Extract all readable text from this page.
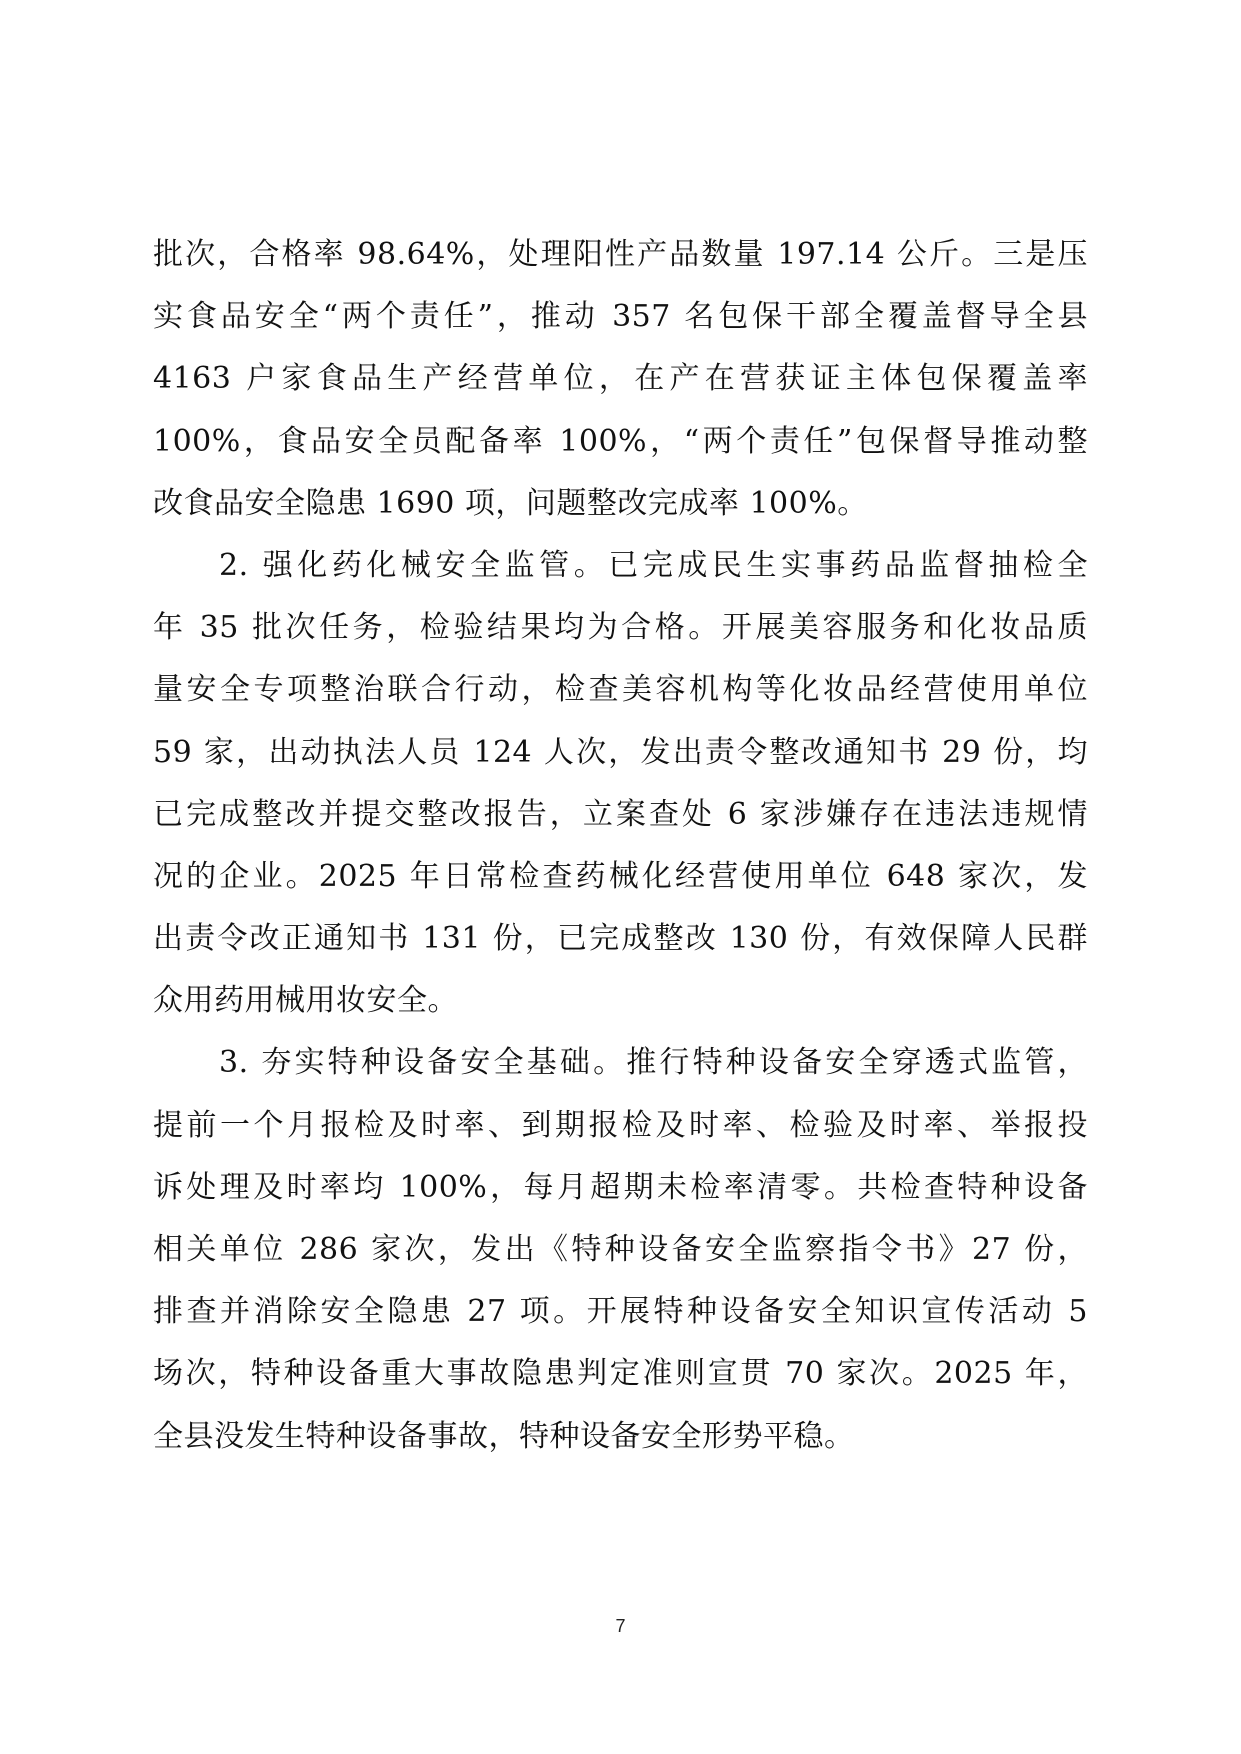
批次，合格率 98.64%，处理阳性产品数量 197.14 公斤。三是压
实食品安全“两个责任”，推动 357 名包保干部全覆盖督导全县
4163 户家食品生产经营单位，在产在营获证主体包保覆盖率
100%，食品安全员配备率 100%，“两个责任”包保督导推动整
改食品安全隐患 1690 项，问题整改完成率 100%。
2. 强化药化械安全监管。已完成民生实事药品监督抽检全
年 35 批次任务，检验结果均为合格。开展美容服务和化妆品质
量安全专项整治联合行动，检查美容机构等化妆品经营使用单位
59 家，出动执法人员 124 人次，发出责令整改通知书 29 份，均
已完成整改并提交整改报告，立案查处 6 家涉嫌存在违法违规情
况的企业。2025 年日常检查药械化经营使用单位 648 家次，发
出责令改正通知书 131 份，已完成整改 130 份，有效保障人民群
众用药用械用妆安全。
3. 夯实特种设备安全基础。推行特种设备安全穿透式监管，
提前一个月报检及时率、到期报检及时率、检验及时率、举报投
诉处理及时率均 100%，每月超期未检率清零。共检查特种设备
相关单位 286 家次，发出《特种设备安全监察指令书》27 份，
排查并消除安全隐患 27 项。开展特种设备安全知识宣传活动 5
场次，特种设备重大事故隐患判定准则宣贯 70 家次。2025 年，
全县没发生特种设备事故，特种设备安全形势平稳。
7
